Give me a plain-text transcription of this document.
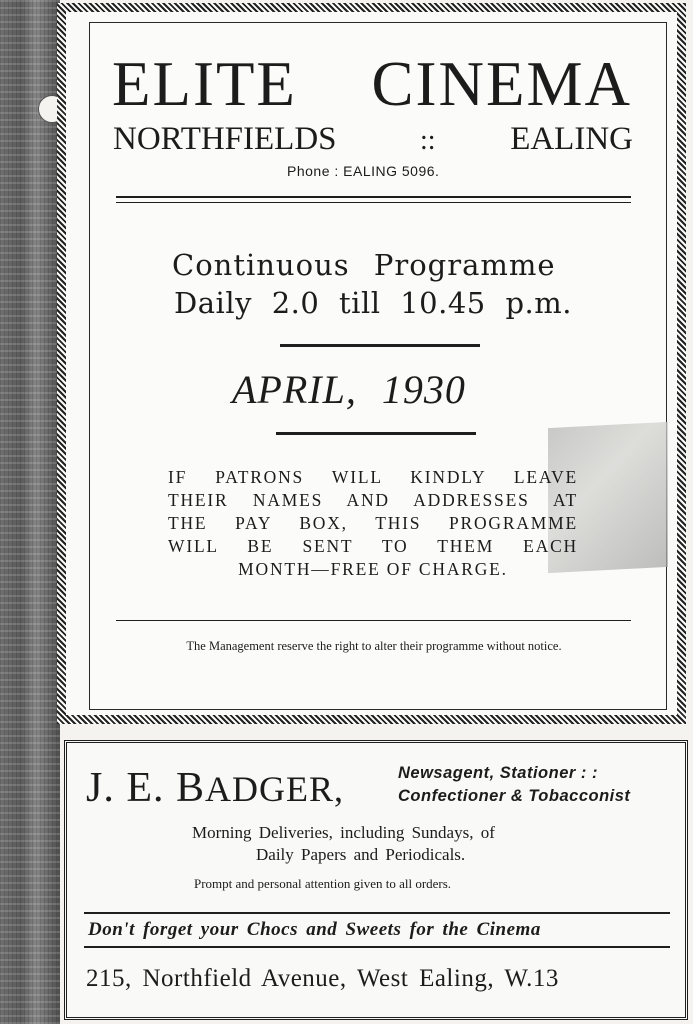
ELITE CINEMA
NORTHFIELDS	:: EALING

Phone : EALING 5096.

Continuous Programme

Daily 2.0 till 10.45 p.m.

APRIL, 1930

IF PATRONS WILL KINDLY LEAVE
THEIR NAMES AND ADDRESSES AT
THE PAY BOX, THIS PROGRAMME
WILL BE SENT TO THEM EACH
MONTH—FREE OF CHARGE.

The Management reserve the right to alter their programme without notice.

J. E. BADGER,	Newsagent, Stationer : :

Confectioner & Tobacconist

Morning Deliveries, including Sundays, of

Daily Papers and Periodicals.

Prompt and personal attention given to all orders.

Don't forget your Chocs and Sweets for the Cinema

215, Northfield Avenue, West Ealing, W.13
